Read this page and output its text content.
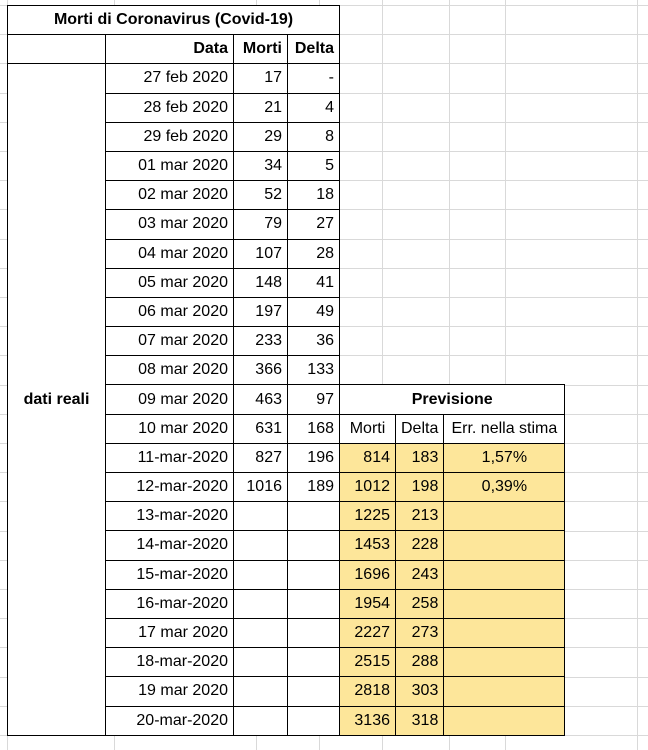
Morti di Coronavirus (Covid-19)						
	Data	Morti	Delta			
dati reali	27 feb 2020	17	-			
	28 feb 2020	21	4			
	29 feb 2020	29	8			
	01 mar 2020	34	5			
	02 mar 2020	52	18			
	03 mar 2020	79	27			
	04 mar 2020	107	28			
	05 mar 2020	148	41			
	06 mar 2020	197	49			
	07 mar 2020	233	36			
	08 mar 2020	366	133			
	09 mar 2020	463	97	Previsione		
	10 mar 2020	631	168	Morti	Delta	Err. nella stima
	11-mar-2020	827	196	814	183	1,57%
	12-mar-2020	1016	189	1012	198	0,39%
	13-mar-2020			1225	213	
	14-mar-2020			1453	228	
	15-mar-2020			1696	243	
	16-mar-2020			1954	258	
	17 mar 2020			2227	273	
	18-mar-2020			2515	288	
	19 mar 2020			2818	303	
	20-mar-2020			3136	318	
